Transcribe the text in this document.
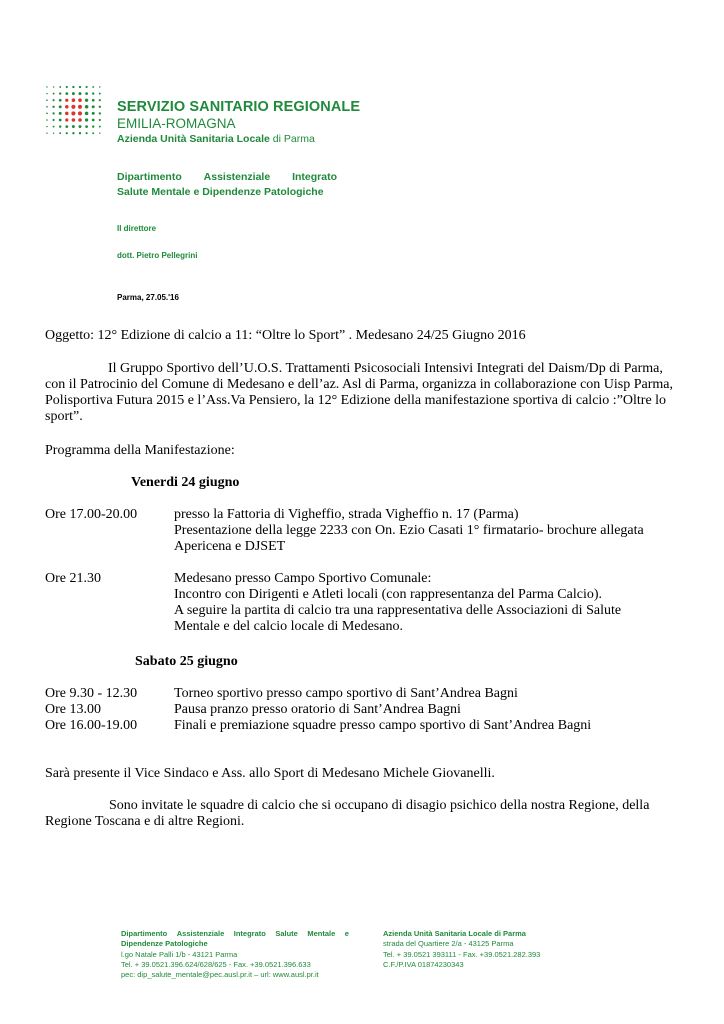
SERVIZIO SANITARIO REGIONALE
EMILIA-ROMAGNA
Azienda Unità Sanitaria Locale di Parma
Dipartimento Assistenziale Integrato
Salute Mentale e Dipendenze Patologiche
Il direttore
dott. Pietro Pellegrini
Parma, 27.05.'16
Oggetto: 12° Edizione di calcio a 11: “Oltre lo Sport” . Medesano 24/25 Giugno 2016
Il Gruppo Sportivo dell’U.O.S. Trattamenti Psicosociali Intensivi Integrati del Daism/Dp di Parma, con il Patrocinio del Comune di Medesano e dell’az. Asl di Parma, organizza in collaborazione con Uisp Parma, Polisportiva Futura 2015 e l’Ass.Va Pensiero, la 12° Edizione della manifestazione sportiva di calcio :”Oltre lo sport”.
Programma della Manifestazione:
Venerdi 24 giugno
Ore 17.00-20.00	presso la Fattoria di Vigheffio, strada Vigheffio n. 17 (Parma)
Presentazione della legge 2233 con On. Ezio Casati 1° firmatario- brochure allegata
Apericena e DJSET
Ore 21.30	Medesano presso Campo Sportivo Comunale:
Incontro con Dirigenti e Atleti locali (con rappresentanza del Parma Calcio).
A seguire la partita di calcio tra una rappresentativa delle Associazioni di Salute
Mentale e del calcio locale di Medesano.
Sabato 25 giugno
Ore 9.30 - 12.30	Torneo sportivo presso campo sportivo di Sant’Andrea Bagni
Ore 13.00	Pausa pranzo presso oratorio di Sant’Andrea Bagni
Ore 16.00-19.00	Finali e premiazione squadre presso campo sportivo di Sant’Andrea Bagni
Sarà presente il Vice Sindaco e Ass. allo Sport di Medesano Michele Giovanelli.
Sono invitate le squadre di calcio che si occupano di disagio psichico della nostra Regione, della
Regione Toscana e di altre Regioni.
Dipartimento Assistenziale Integrato Salute Mentale e
Dipendenze Patologiche
l.go Natale Palli 1/b - 43121 Parma
Tel. + 39.0521.396.624/628/625 - Fax. +39.0521.396.633
pec: dip_salute_mentale@pec.ausl.pr.it – url: www.ausl.pr.it
Azienda Unità Sanitaria Locale di Parma
strada del Quartiere 2/a - 43125 Parma
Tel. + 39.0521 393111 - Fax. +39.0521.282.393
C.F./P.IVA 01874230343
